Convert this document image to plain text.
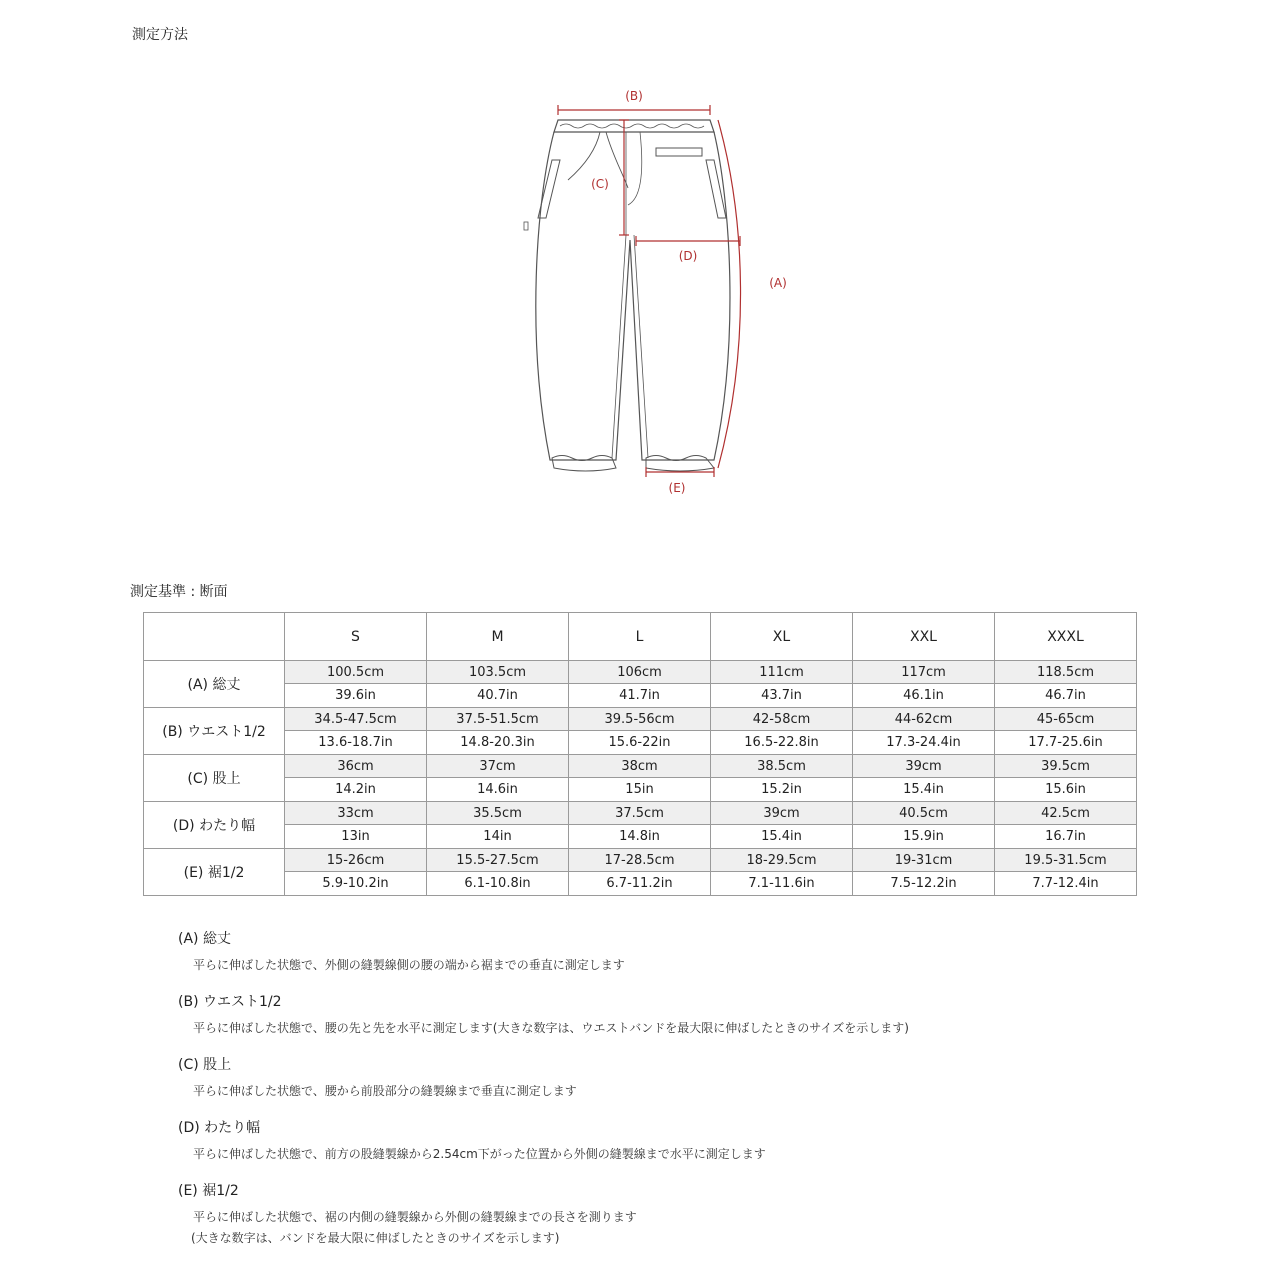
測定方法
(B)
(C)
(D)
(A)
(E)
測定基準 : 断面
	S	M	L	XL	XXL	XXXL
(A) 総丈	100.5cm	103.5cm	106cm	111cm	117cm	118.5cm
	39.6in	40.7in	41.7in	43.7in	46.1in	46.7in
(B) ウエスト1/2	34.5-47.5cm	37.5-51.5cm	39.5-56cm	42-58cm	44-62cm	45-65cm
	13.6-18.7in	14.8-20.3in	15.6-22in	16.5-22.8in	17.3-24.4in	17.7-25.6in
(C) 股上	36cm	37cm	38cm	38.5cm	39cm	39.5cm
	14.2in	14.6in	15in	15.2in	15.4in	15.6in
(D) わたり幅	33cm	35.5cm	37.5cm	39cm	40.5cm	42.5cm
	13in	14in	14.8in	15.4in	15.9in	16.7in
(E) 裾1/2	15-26cm	15.5-27.5cm	17-28.5cm	18-29.5cm	19-31cm	19.5-31.5cm
	5.9-10.2in	6.1-10.8in	6.7-11.2in	7.1-11.6in	7.5-12.2in	7.7-12.4in
(A) 総丈
平らに伸ばした状態で、外側の縫製線側の腰の端から裾までの垂直に測定します
(B) ウエスト1/2
平らに伸ばした状態で、腰の先と先を水平に測定します(大きな数字は、ウエストバンドを最大限に伸ばしたときのサイズを示します)
(C) 股上
平らに伸ばした状態で、腰から前股部分の縫製線まで垂直に測定します
(D) わたり幅
平らに伸ばした状態で、前方の股縫製線から2.54cm下がった位置から外側の縫製線まで水平に測定します
(E) 裾1/2
平らに伸ばした状態で、裾の内側の縫製線から外側の縫製線までの長さを測ります
(大きな数字は、バンドを最大限に伸ばしたときのサイズを示します)
